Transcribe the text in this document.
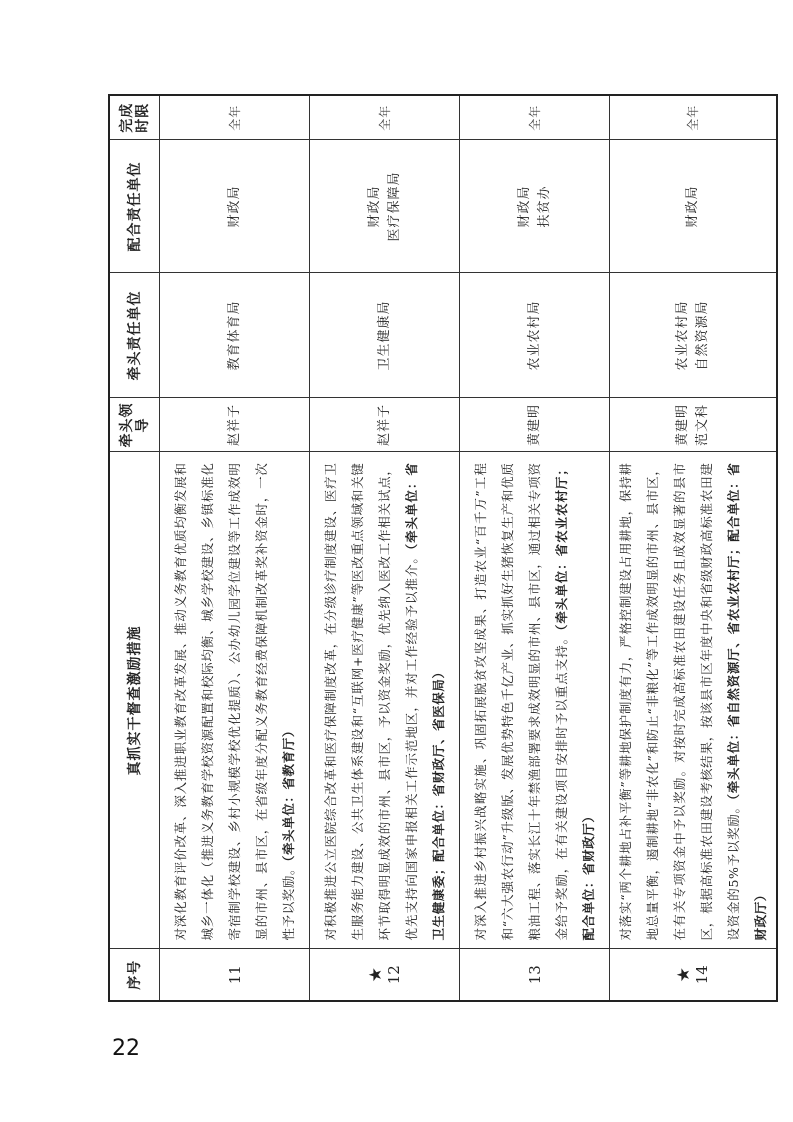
序号	真抓实干督查激励措施	牵头领导	牵头责任单位	配合责任单位	完成时限
11	对深化教育评价改革、深入推进职业教育改革发展、推动义务教育优质均衡发展和城乡一体化（推进义务教育学校资源配置和校际均衡、城乡学校建设、乡镇标准化寄宿制学校建设、乡村小规模学校优化提质）、公办幼儿园学位建设等工作成效明显的市州、县市区，在省级年度分配义务教育经费保障机制改革奖补资金时，一次性予以奖励。（牵头单位：省教育厅）	赵祥子	教育体育局	财政局	全年

★ 12	对积极推进公立医院综合改革和医疗保障制度改革，在分级诊疗制度建设、医疗卫生服务能力建设、公共卫生体系建设和“互联网+医疗健康”等医改重点领域和关键环节取得明显成效的市州、县市区，予以资金奖励，优先纳入医改工作相关试点，优先支持向国家申报相关工作示范地区，并对工作经验予以推介。（牵头单位：省卫生健康委；配合单位：省财政厅、省医保局）	赵祥子	卫生健康局	财政局 医疗保障局	全年
13	对深入推进乡村振兴战略实施、巩固拓展脱贫攻坚成果、打造农业“百千万”工程和“六大强农行动”升级版、发展优势特色千亿产业、抓实抓好生猪恢复生产和优质粮油工程、落实长江十年禁渔部署要求成效明显的市州、县市区，通过相关专项资金给予奖励，在有关建设项目安排时予以重点支持。（牵头单位：省农业农村厅；配合单位：省财政厅）	黄建明	农业农村局	财政局 扶贫办	全年

★ 14	对落实“两个耕地占补平衡”等耕地保护制度有力，严格控制建设占用耕地，保持耕地总量平衡，遏制耕地“非农化”和防止“非粮化”等工作成效明显的市州、县市区，在有关专项资金中予以奖励。对按时完成高标准农田建设任务且成效显著的县市区，根据高标准农田建设考核结果，按该县市区年度中央和省级财政高标准农田建设资金的5%予以奖励。（牵头单位：省自然资源厅、省农业农村厅；配合单位：省财政厅）	黄建明 范文科	农业农村局 自然资源局	财政局	全年
22
